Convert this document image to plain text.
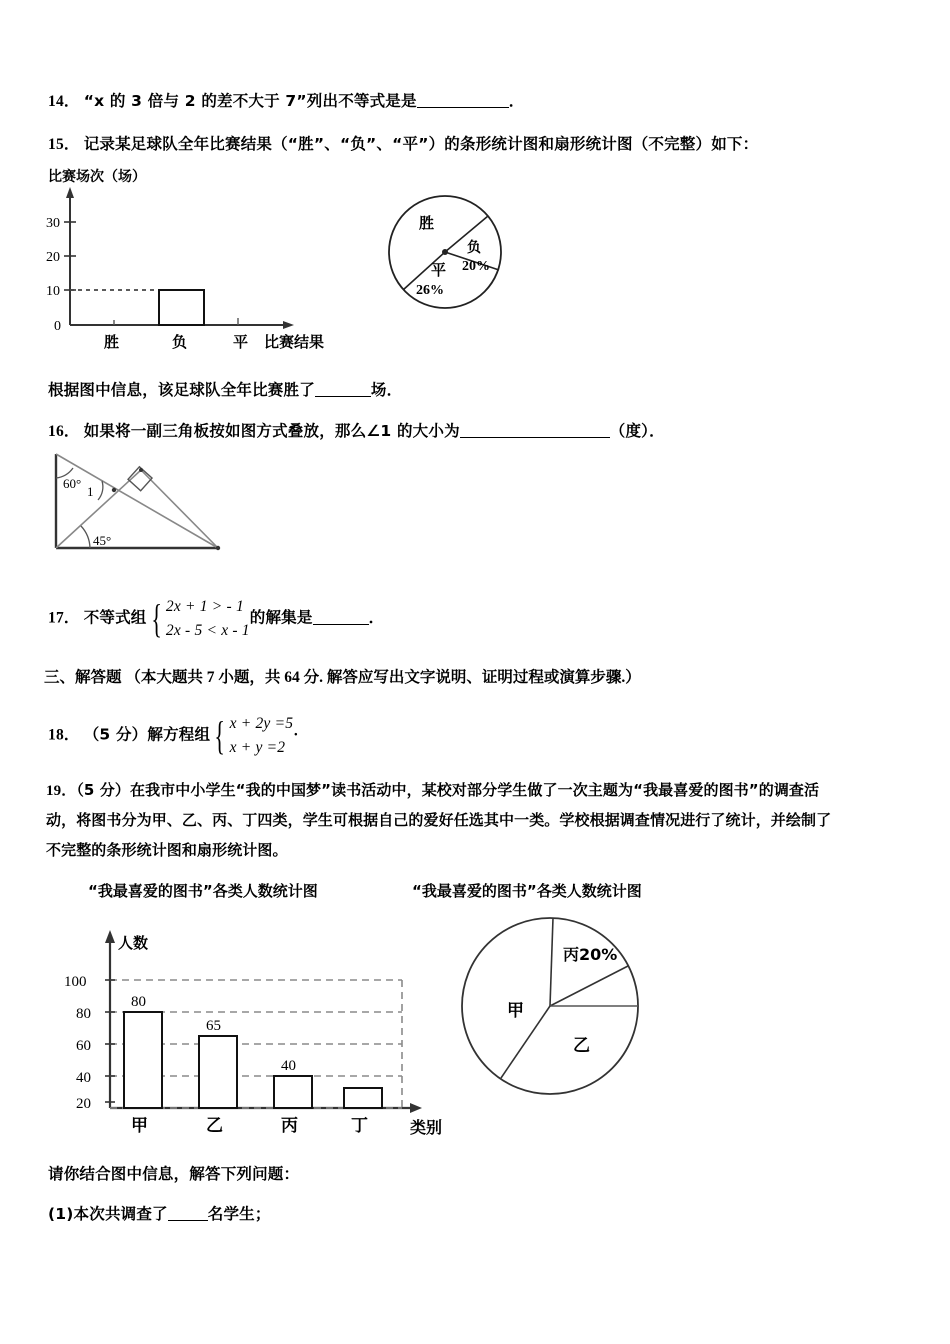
14． “x 的 3 倍与 2 的差不大于 7”列出不等式是是	．
15． 记录某足球队全年比赛结果（“胜”、“负”、“平”）的条形统计图和扇形统计图（不完整）如下：
比赛场次（场）
30
20
10
0
胜	负	平 比赛结果
胜
负
20%
平
26%
根据图中信息，该足球队全年比赛胜了	场．
16． 如果将一副三角板按如图方式叠放，那么∠1 的大小为	（度）．
60°
1
45°
17． 不等式组 { 2x + 1 > - 1
2x - 5 < x - 1
的解集是	．
三、解答题 （本大题共 7 小题，共 64 分. 解答应写出文字说明、证明过程或演算步骤.）
18． （5 分）解方程组 { x + 2y =5
x + y =2
·
19．（5 分）在我市中小学生“我的中国梦”读书活动中，某校对部分学生做了一次主题为“我最喜爱的图书”的调查活
动，将图书分为甲、乙、丙、丁四类，学生可根据自己的爱好任选其中一类。学校根据调查情况进行了统计，并绘制了
不完整的条形统计图和扇形统计图。
“我最喜爱的图书”各类人数统计图	“我最喜爱的图书”各类人数统计图
人数
100
80
60
40
20
80
65
40
甲	乙	丙	丁	类别
甲
丙20%
乙
请你结合图中信息，解答下列问题：
(1)本次共调查了	名学生；
